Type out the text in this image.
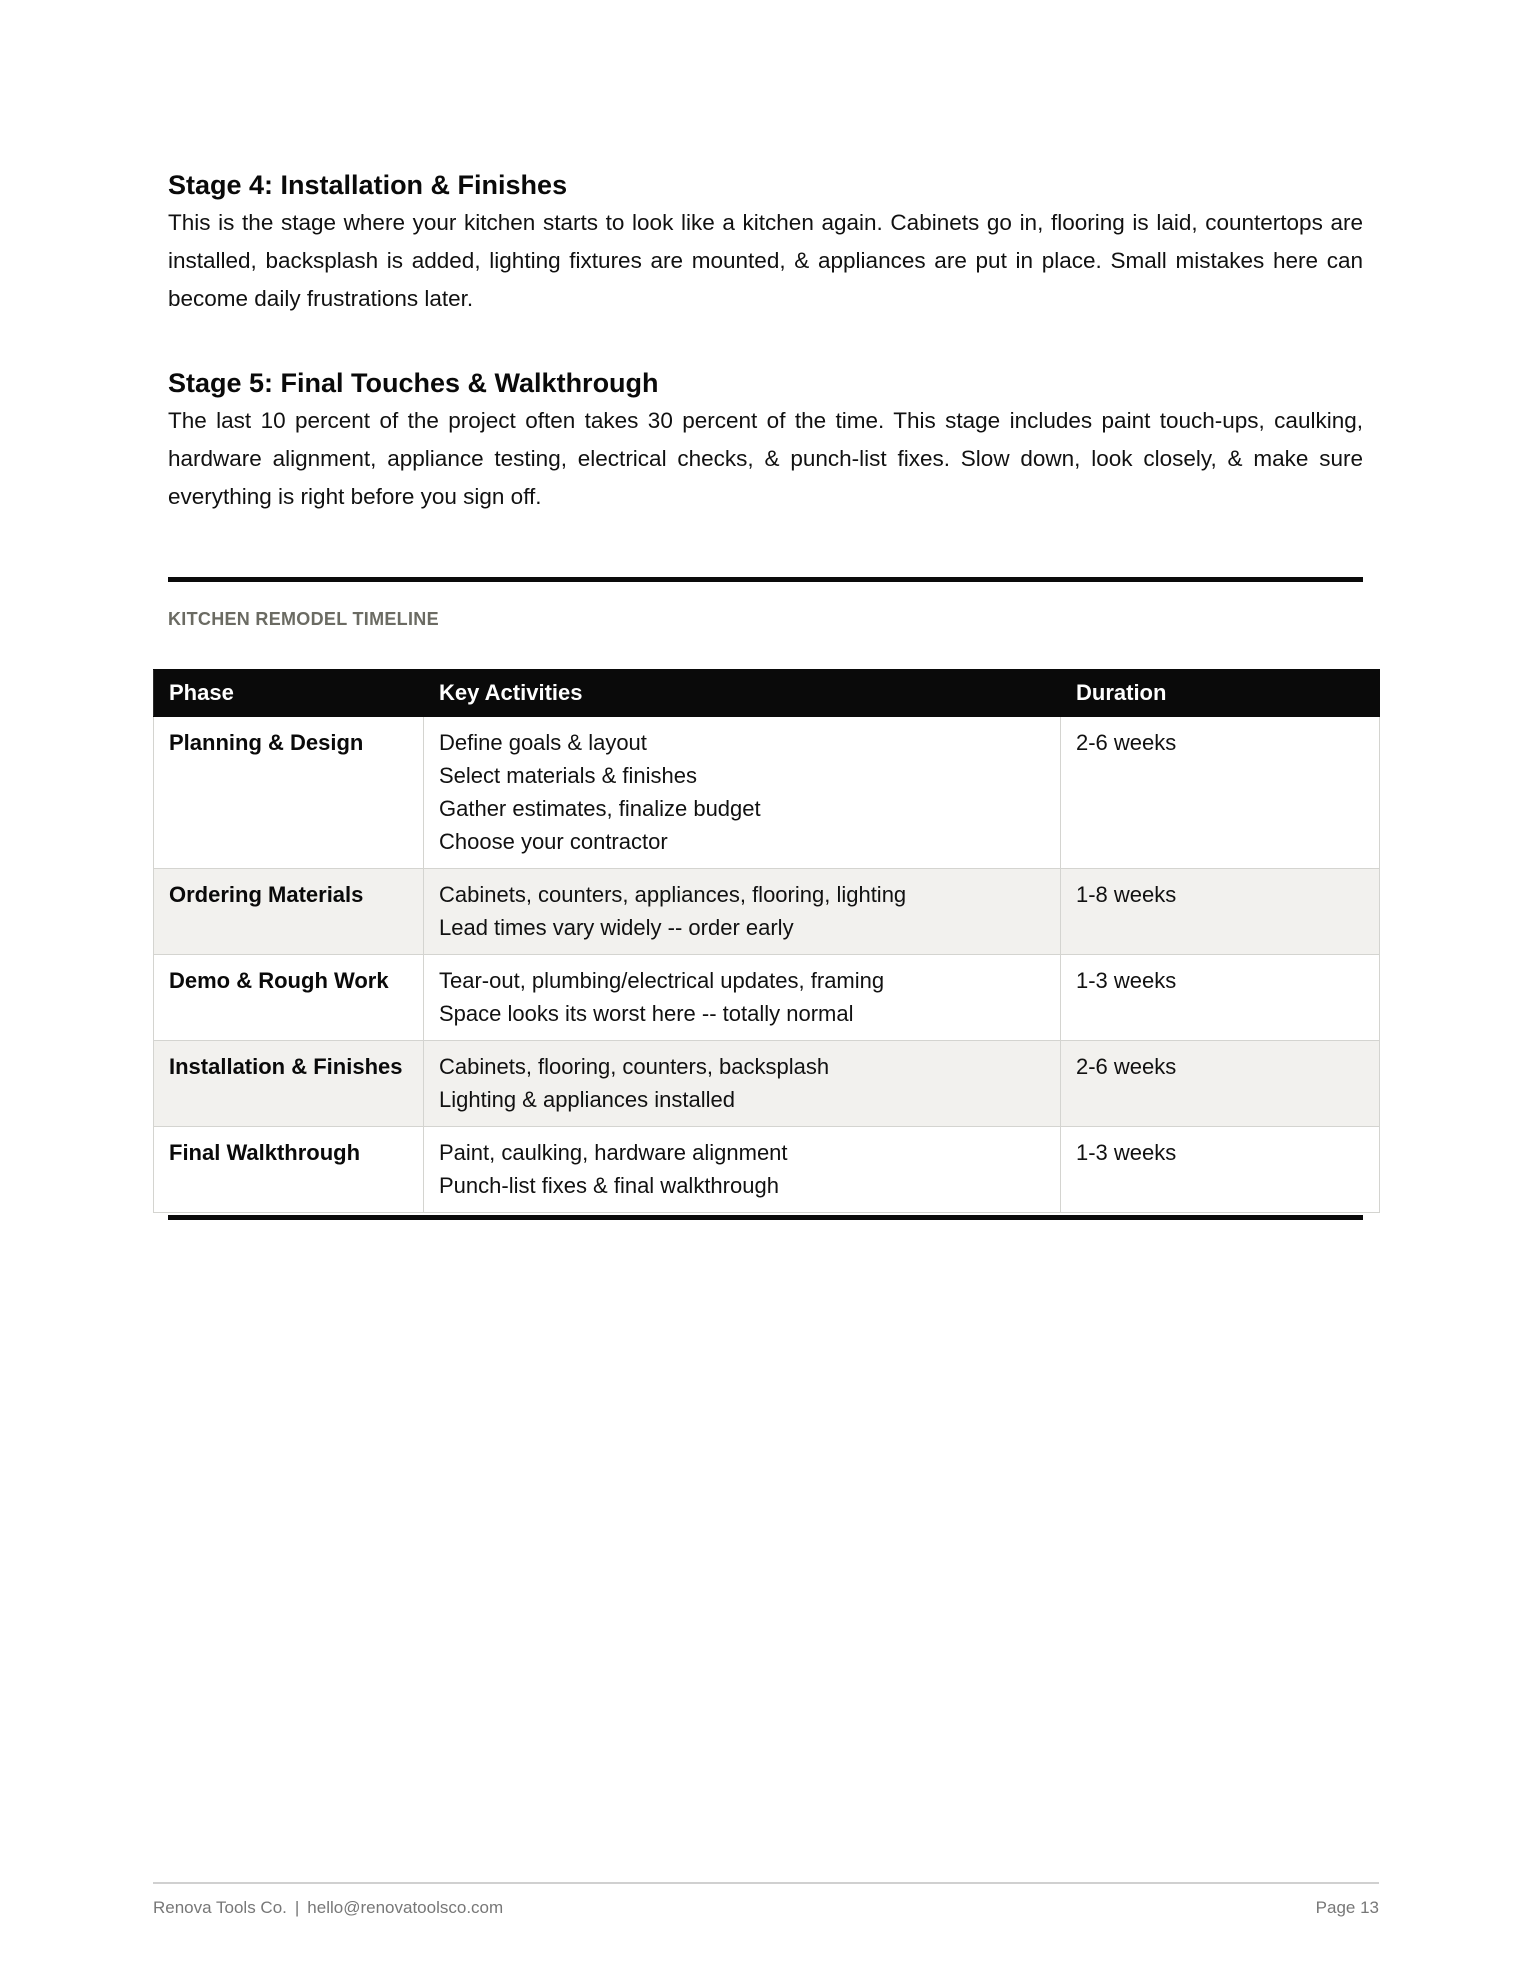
Stage 4: Installation & Finishes

This is the stage where your kitchen starts to look like a kitchen again. Cabinets go in, flooring is laid, countertops are installed, backsplash is added, lighting fixtures are mounted, & appliances are put in place. Small mistakes here can become daily frustrations later.

Stage 5: Final Touches & Walkthrough

The last 10 percent of the project often takes 30 percent of the time. This stage includes paint touch-ups, caulking, hardware alignment, appliance testing, electrical checks, & punch-list fixes. Slow down, look closely, & make sure everything is right before you sign off.

KITCHEN REMODEL TIMELINE
Phase	Key Activities	Duration
Planning & Design	Define goals & layout
Select materials & finishes
Gather estimates, finalize budget
Choose your contractor	2-6 weeks
Ordering Materials	Cabinets, counters, appliances, flooring, lighting
Lead times vary widely -- order early	1-8 weeks
Demo & Rough Work	Tear-out, plumbing/electrical updates, framing
Space looks its worst here -- totally normal	1-3 weeks
Installation & Finishes	Cabinets, flooring, counters, backsplash
Lighting & appliances installed	2-6 weeks
Final Walkthrough	Paint, caulking, hardware alignment
Punch-list fixes & final walkthrough	1-3 weeks
Renova Tools Co. | hello@renovatoolsco.com	Page 13
